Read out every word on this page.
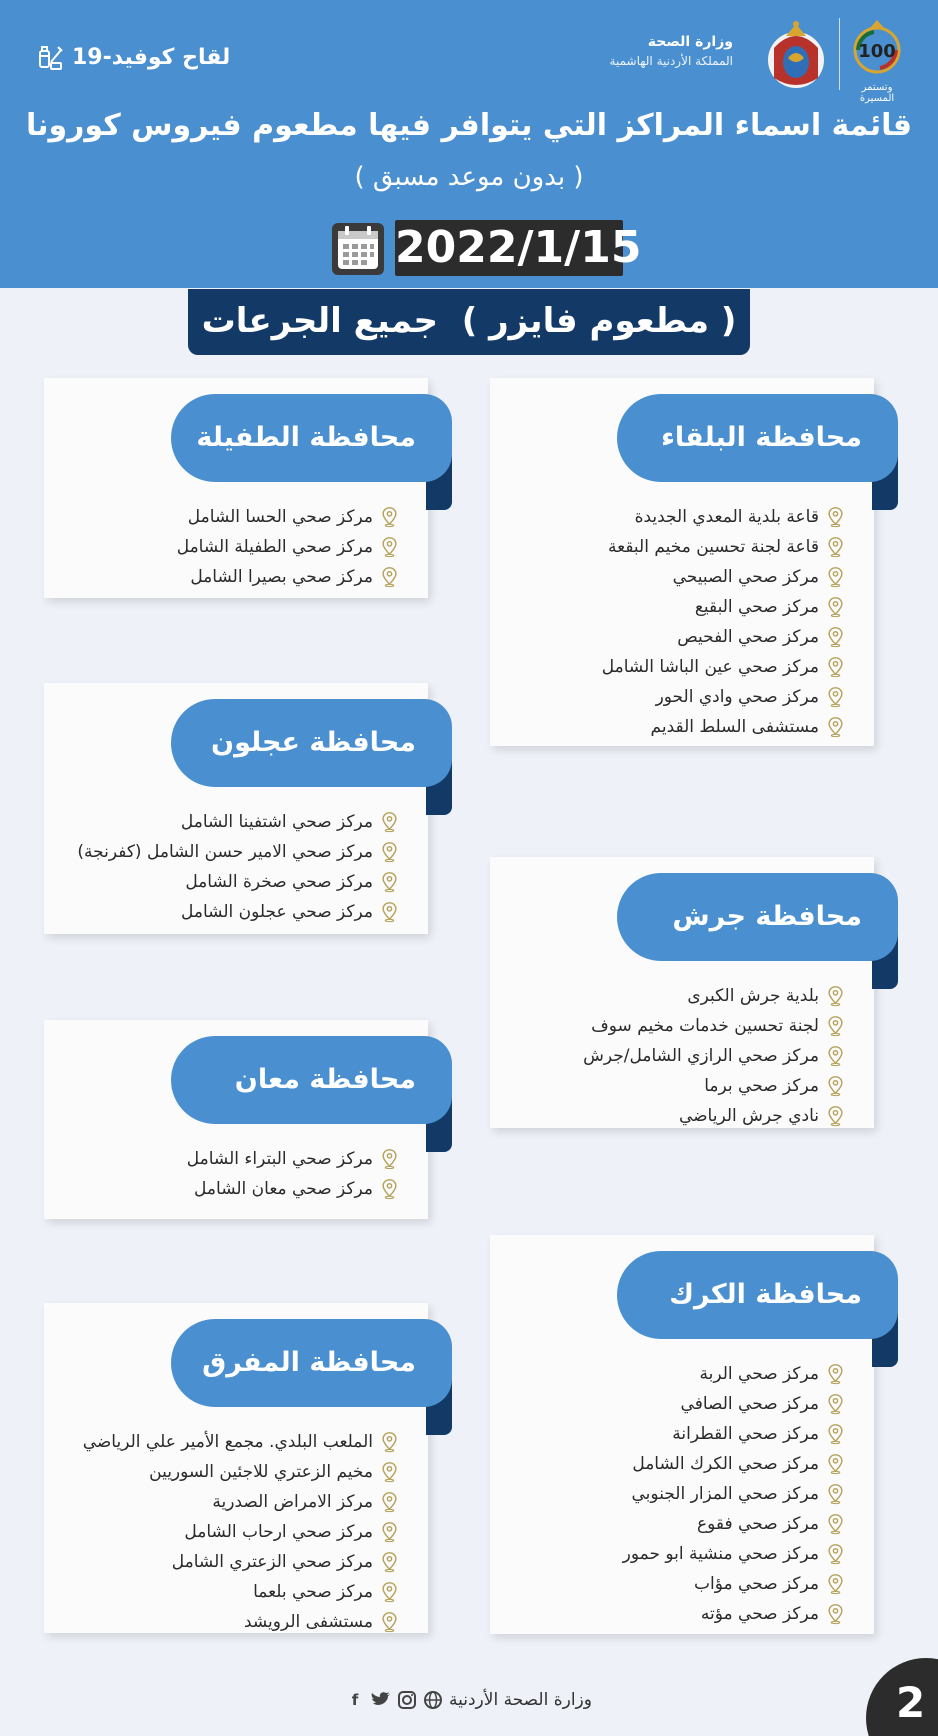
لقاح كوفيد-19
وزارة الصحة
المملكة الأردنية الهاشمية	100
وتستمر المسيرة
قائمة اسماء المراكز التي يتوافر فيها مطعوم فيروس كورونا
( بدون موعد مسبق )
2022/1/15
( مطعوم فايزر )  جميع الجرعات
محافظة البلقاء
قاعة بلدية المعدي الجديدة
قاعة لجنة تحسين مخيم البقعة
مركز صحي الصبيحي
مركز صحي البقيع
مركز صحي الفحيص
مركز صحي عين الباشا الشامل
مركز صحي وادي الحور
مستشفى السلط القديم
محافظة جرش
بلدية جرش الكبرى
لجنة تحسين خدمات مخيم سوف
مركز صحي الرازي الشامل/جرش
مركز صحي برما
نادي جرش الرياضي
محافظة الكرك
مركز صحي الربة
مركز صحي الصافي
مركز صحي القطرانة
مركز صحي الكرك الشامل
مركز صحي المزار الجنوبي
مركز صحي فقوع
مركز صحي منشية ابو حمور
مركز صحي مؤاب
مركز صحي مؤته
محافظة الطفيلة
مركز صحي الحسا الشامل
مركز صحي الطفيلة الشامل
مركز صحي بصيرا الشامل
محافظة عجلون
مركز صحي اشتفينا الشامل
مركز صحي الامير حسن الشامل (كفرنجة)
مركز صحي صخرة الشامل
مركز صحي عجلون الشامل
محافظة معان
مركز صحي البتراء الشامل
مركز صحي معان الشامل
محافظة المفرق
الملعب البلدي. مجمع الأمير علي الرياضي
مخيم الزعتري للاجئين السوريين
مركز الامراض الصدرية
مركز صحي ارحاب الشامل
مركز صحي الزعتري الشامل
مركز صحي بلعما
مستشفى الرويشد
وزارة الصحة الأردنية
f	2
